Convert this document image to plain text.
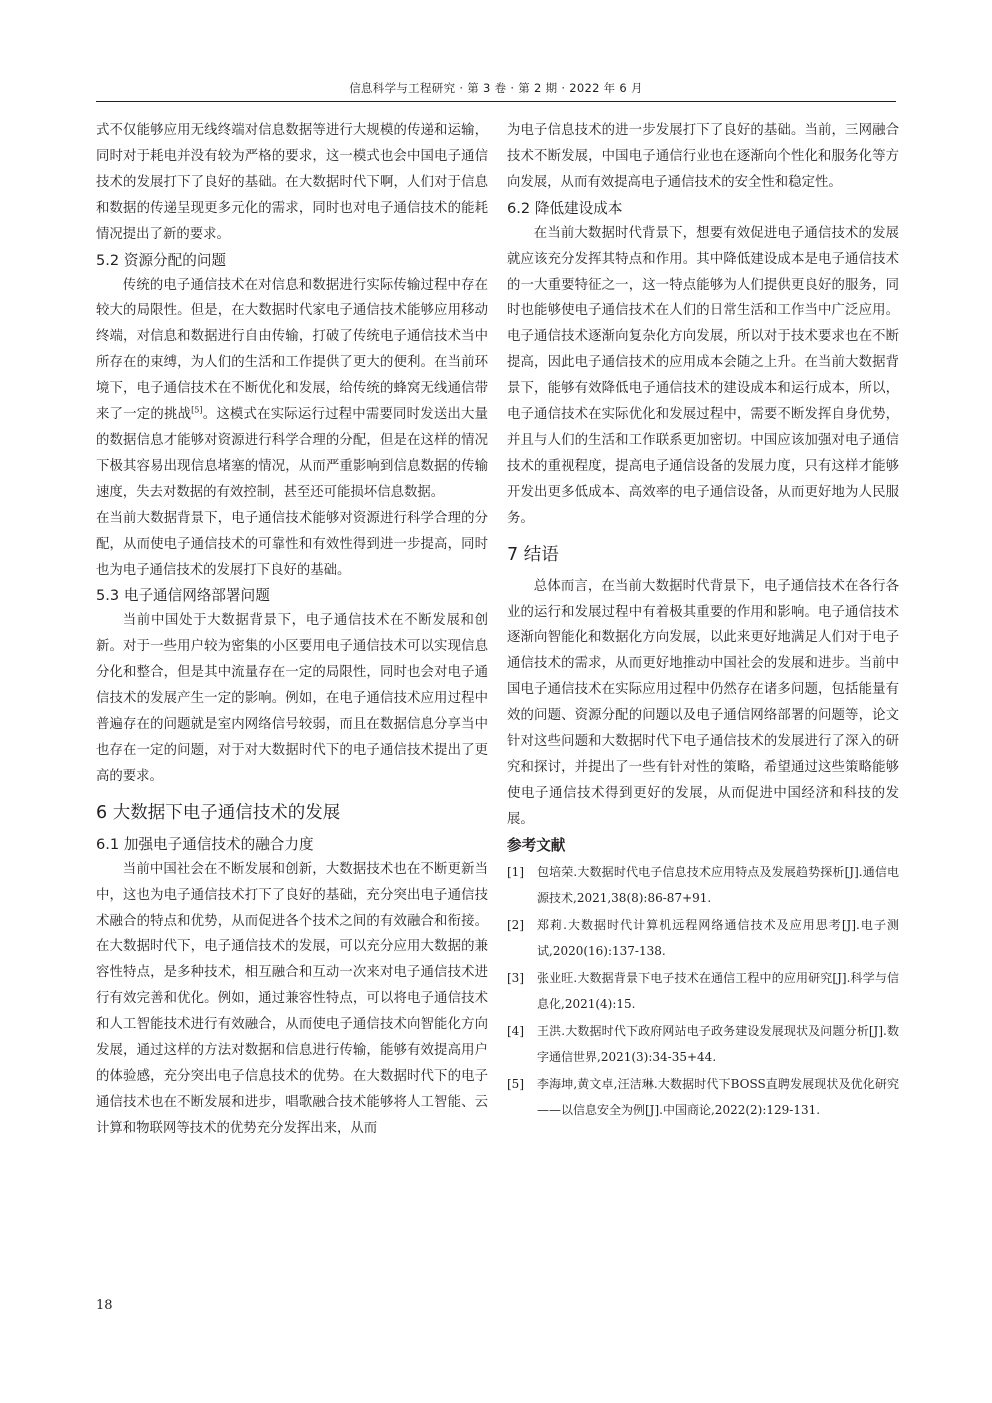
信息科学与工程研究 · 第 3 卷 · 第 2 期 · 2022 年 6 月

式不仅能够应用无线终端对信息数据等进行大规模的传递和运输，同时对于耗电并没有较为严格的要求，这一模式也会中国电子通信技术的发展打下了良好的基础。在大数据时代下啊，人们对于信息和数据的传递呈现更多元化的需求，同时也对电子通信技术的能耗情况提出了新的要求。

5.2 资源分配的问题

传统的电子通信技术在对信息和数据进行实际传输过程中存在较大的局限性。但是，在大数据时代家电子通信技术能够应用移动终端，对信息和数据进行自由传输，打破了传统电子通信技术当中所存在的束缚，为人们的生活和工作提供了更大的便利。在当前环境下，电子通信技术在不断优化和发展，给传统的蜂窝无线通信带来了一定的挑战[5]。这模式在实际运行过程中需要同时发送出大量的数据信息才能够对资源进行科学合理的分配，但是在这样的情况下极其容易出现信息堵塞的情况，从而严重影响到信息数据的传输速度，失去对数据的有效控制，甚至还可能损坏信息数据。

在当前大数据背景下，电子通信技术能够对资源进行科学合理的分配，从而使电子通信技术的可靠性和有效性得到进一步提高，同时也为电子通信技术的发展打下良好的基础。

5.3 电子通信网络部署问题

当前中国处于大数据背景下，电子通信技术在不断发展和创新。对于一些用户较为密集的小区要用电子通信技术可以实现信息分化和整合，但是其中流量存在一定的局限性，同时也会对电子通信技术的发展产生一定的影响。例如，在电子通信技术应用过程中普遍存在的问题就是室内网络信号较弱，而且在数据信息分享当中也存在一定的问题，对于对大数据时代下的电子通信技术提出了更高的要求。

6 大数据下电子通信技术的发展
6.1 加强电子通信技术的融合力度

当前中国社会在不断发展和创新，大数据技术也在不断更新当中，这也为电子通信技术打下了良好的基础，充分突出电子通信技术融合的特点和优势，从而促进各个技术之间的有效融合和衔接。在大数据时代下，电子通信技术的发展，可以充分应用大数据的兼容性特点，是多种技术，相互融合和互动一次来对电子通信技术进行有效完善和优化。例如，通过兼容性特点，可以将电子通信技术和人工智能技术进行有效融合，从而使电子通信技术向智能化方向发展，通过这样的方法对数据和信息进行传输，能够有效提高用户的体验感，充分突出电子信息技术的优势。在大数据时代下的电子通信技术也在不断发展和进步，唱歌融合技术能够将人工智能、云计算和物联网等技术的优势充分发挥出来，从而

为电子信息技术的进一步发展打下了良好的基础。当前，三网融合技术不断发展，中国电子通信行业也在逐渐向个性化和服务化等方向发展，从而有效提高电子通信技术的安全性和稳定性。

6.2 降低建设成本

在当前大数据时代背景下，想要有效促进电子通信技术的发展就应该充分发挥其特点和作用。其中降低建设成本是电子通信技术的一大重要特征之一，这一特点能够为人们提供更良好的服务，同时也能够使电子通信技术在人们的日常生活和工作当中广泛应用。电子通信技术逐渐向复杂化方向发展，所以对于技术要求也在不断提高，因此电子通信技术的应用成本会随之上升。在当前大数据背景下，能够有效降低电子通信技术的建设成本和运行成本，所以，电子通信技术在实际优化和发展过程中，需要不断发挥自身优势，并且与人们的生活和工作联系更加密切。中国应该加强对电子通信技术的重视程度，提高电子通信设备的发展力度，只有这样才能够开发出更多低成本、高效率的电子通信设备，从而更好地为人民服务。

7 结语

总体而言，在当前大数据时代背景下，电子通信技术在各行各业的运行和发展过程中有着极其重要的作用和影响。电子通信技术逐渐向智能化和数据化方向发展，以此来更好地满足人们对于电子通信技术的需求，从而更好地推动中国社会的发展和进步。当前中国电子通信技术在实际应用过程中仍然存在诸多问题，包括能量有效的问题、资源分配的问题以及电子通信网络部署的问题等，论文针对这些问题和大数据时代下电子通信技术的发展进行了深入的研究和探讨，并提出了一些有针对性的策略，希望通过这些策略能够使电子通信技术得到更好的发展，从而促进中国经济和科技的发展。

参考文献
[1]	包培荣.大数据时代电子信息技术应用特点及发展趋势探析[J].通信电源技术,2021,38(8):86-87+91.
[2]	郑莉.大数据时代计算机远程网络通信技术及应用思考[J].电子测试,2020(16):137-138.
[3]	张业旺.大数据背景下电子技术在通信工程中的应用研究[J].科学与信息化,2021(4):15.
[4]	王洪.大数据时代下政府网站电子政务建设发展现状及问题分析[J].数字通信世界,2021(3):34-35+44.
[5]	李海坤,黄文卓,汪洁琳.大数据时代下BOSS直聘发展现状及优化研究——以信息安全为例[J].中国商论,2022(2):129-131.
18
